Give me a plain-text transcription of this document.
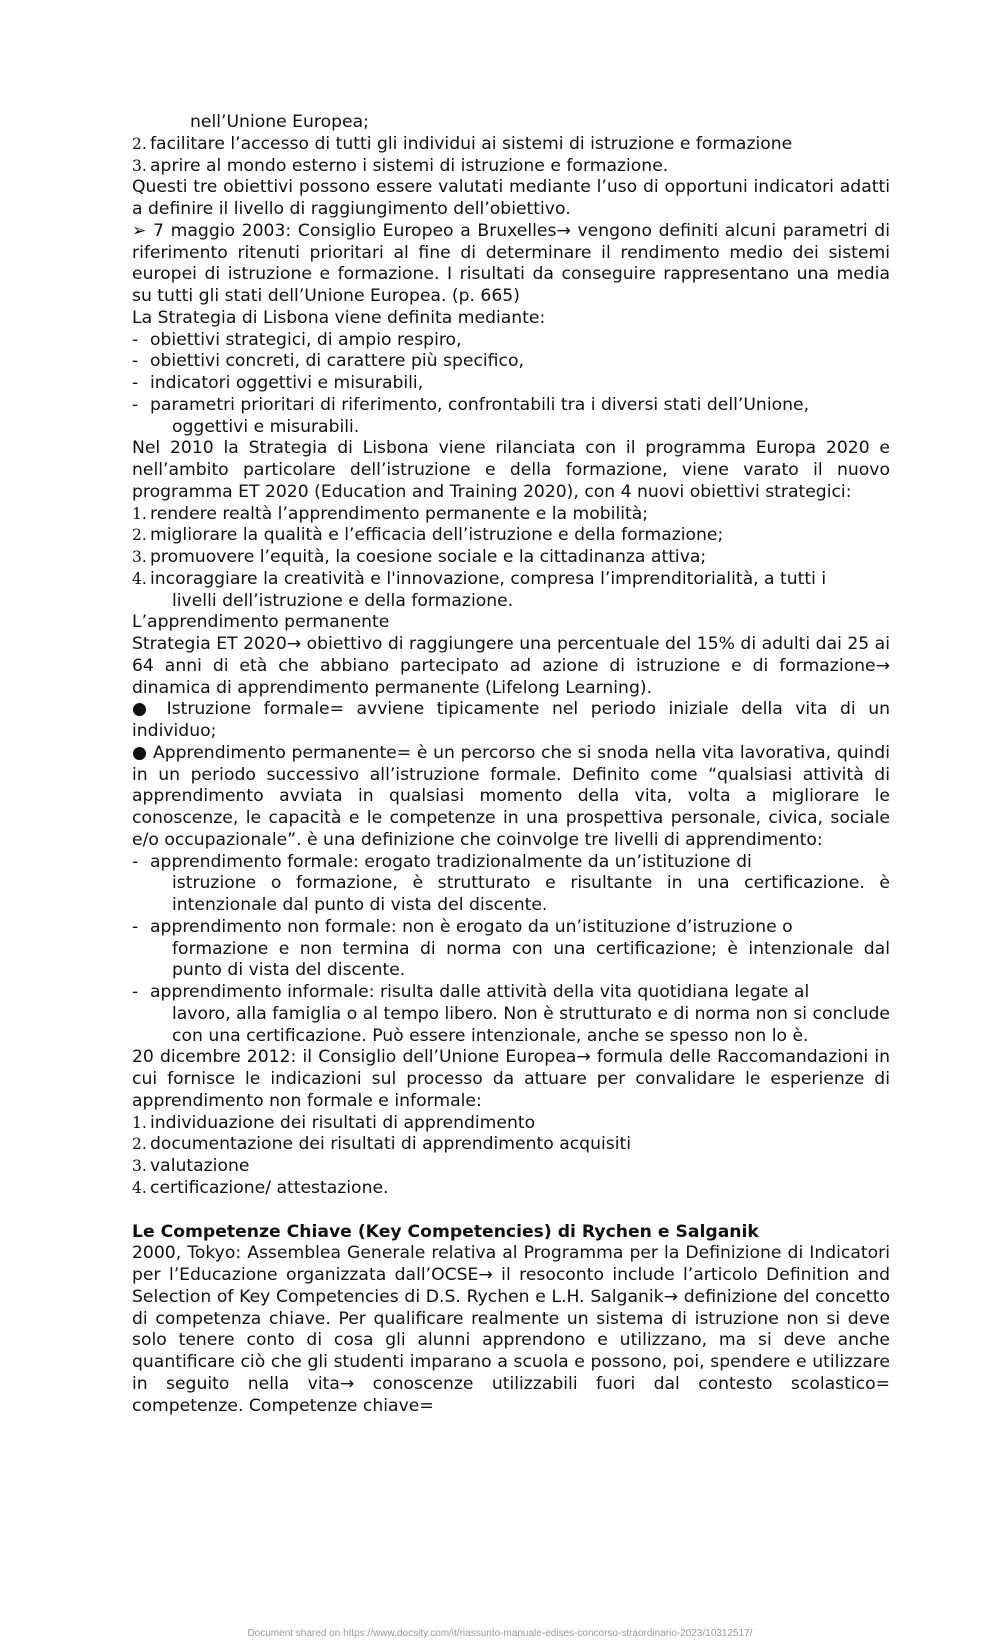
nell’Unione Europea;

2. facilitare l’accesso di tutti gli individui ai sistemi di istruzione e formazione

3. aprire al mondo esterno i sistemi di istruzione e formazione.

Questi tre obiettivi possono essere valutati mediante l’uso di opportuni indicatori adatti a definire il livello di raggiungimento dell’obiettivo.

➢ 7 maggio 2003: Consiglio Europeo a Bruxelles→ vengono definiti alcuni parametri di riferimento ritenuti prioritari al fine di determinare il rendimento medio dei sistemi europei di istruzione e formazione. I risultati da conseguire rappresentano una media su tutti gli stati dell’Unione Europea. (p. 665)

La Strategia di Lisbona viene definita mediante:

- obiettivi strategici, di ampio respiro,

- obiettivi concreti, di carattere più specifico,

- indicatori oggettivi e misurabili,

- parametri prioritari di riferimento, confrontabili tra i diversi stati dell’Unione,
oggettivi e misurabili.

Nel 2010 la Strategia di Lisbona viene rilanciata con il programma Europa 2020 e nell’ambito particolare dell’istruzione e della formazione, viene varato il nuovo programma ET 2020 (Education and Training 2020), con 4 nuovi obiettivi strategici:

1. rendere realtà l’apprendimento permanente e la mobilità;

2. migliorare la qualità e l’efficacia dell’istruzione e della formazione;

3. promuovere l’equità, la coesione sociale e la cittadinanza attiva;

4. incoraggiare la creatività e l'innovazione, compresa l’imprenditorialità, a tutti i
livelli dell’istruzione e della formazione.

L’apprendimento permanente

Strategia ET 2020→ obiettivo di raggiungere una percentuale del 15% di adulti dai 25 ai 64 anni di età che abbiano partecipato ad azione di istruzione e di formazione→ dinamica di apprendimento permanente (Lifelong Learning).

● Istruzione formale= avviene tipicamente nel periodo iniziale della vita di un individuo;

● Apprendimento permanente= è un percorso che si snoda nella vita lavorativa, quindi in un periodo successivo all’istruzione formale. Definito come “qualsiasi attività di apprendimento avviata in qualsiasi momento della vita, volta a migliorare le conoscenze, le capacità e le competenze in una prospettiva personale, civica, sociale e/o occupazionale”. è una definizione che coinvolge tre livelli di apprendimento:

- apprendimento formale: erogato tradizionalmente da un’istituzione di
istruzione o formazione, è strutturato e risultante in una certificazione. è intenzionale dal punto di vista del discente.

- apprendimento non formale: non è erogato da un’istituzione d’istruzione o
formazione e non termina di norma con una certificazione; è intenzionale dal punto di vista del discente.

- apprendimento informale: risulta dalle attività della vita quotidiana legate al
lavoro, alla famiglia o al tempo libero. Non è strutturato e di norma non si conclude con una certificazione. Può essere intenzionale, anche se spesso non lo è.

20 dicembre 2012: il Consiglio dell’Unione Europea→ formula delle Raccomandazioni in cui fornisce le indicazioni sul processo da attuare per convalidare le esperienze di apprendimento non formale e informale:

1. individuazione dei risultati di apprendimento

2. documentazione dei risultati di apprendimento acquisiti

3. valutazione

4. certificazione/ attestazione.

Le Competenze Chiave (Key Competencies) di Rychen e Salganik

2000, Tokyo: Assemblea Generale relativa al Programma per la Definizione di Indicatori per l’Educazione organizzata dall’OCSE→ il resoconto include l’articolo Definition and Selection of Key Competencies di D.S. Rychen e L.H. Salganik→ definizione del concetto di competenza chiave. Per qualificare realmente un sistema di istruzione non si deve solo tenere conto di cosa gli alunni apprendono e utilizzano, ma si deve anche quantificare ciò che gli studenti imparano a scuola e possono, poi, spendere e utilizzare in seguito nella vita→ conoscenze utilizzabili fuori dal contesto scolastico= competenze. Competenze chiave=

Document shared on https://www.docsity.com/it/riassunto-manuale-edises-concorso-straordinario-2023/10312517/
